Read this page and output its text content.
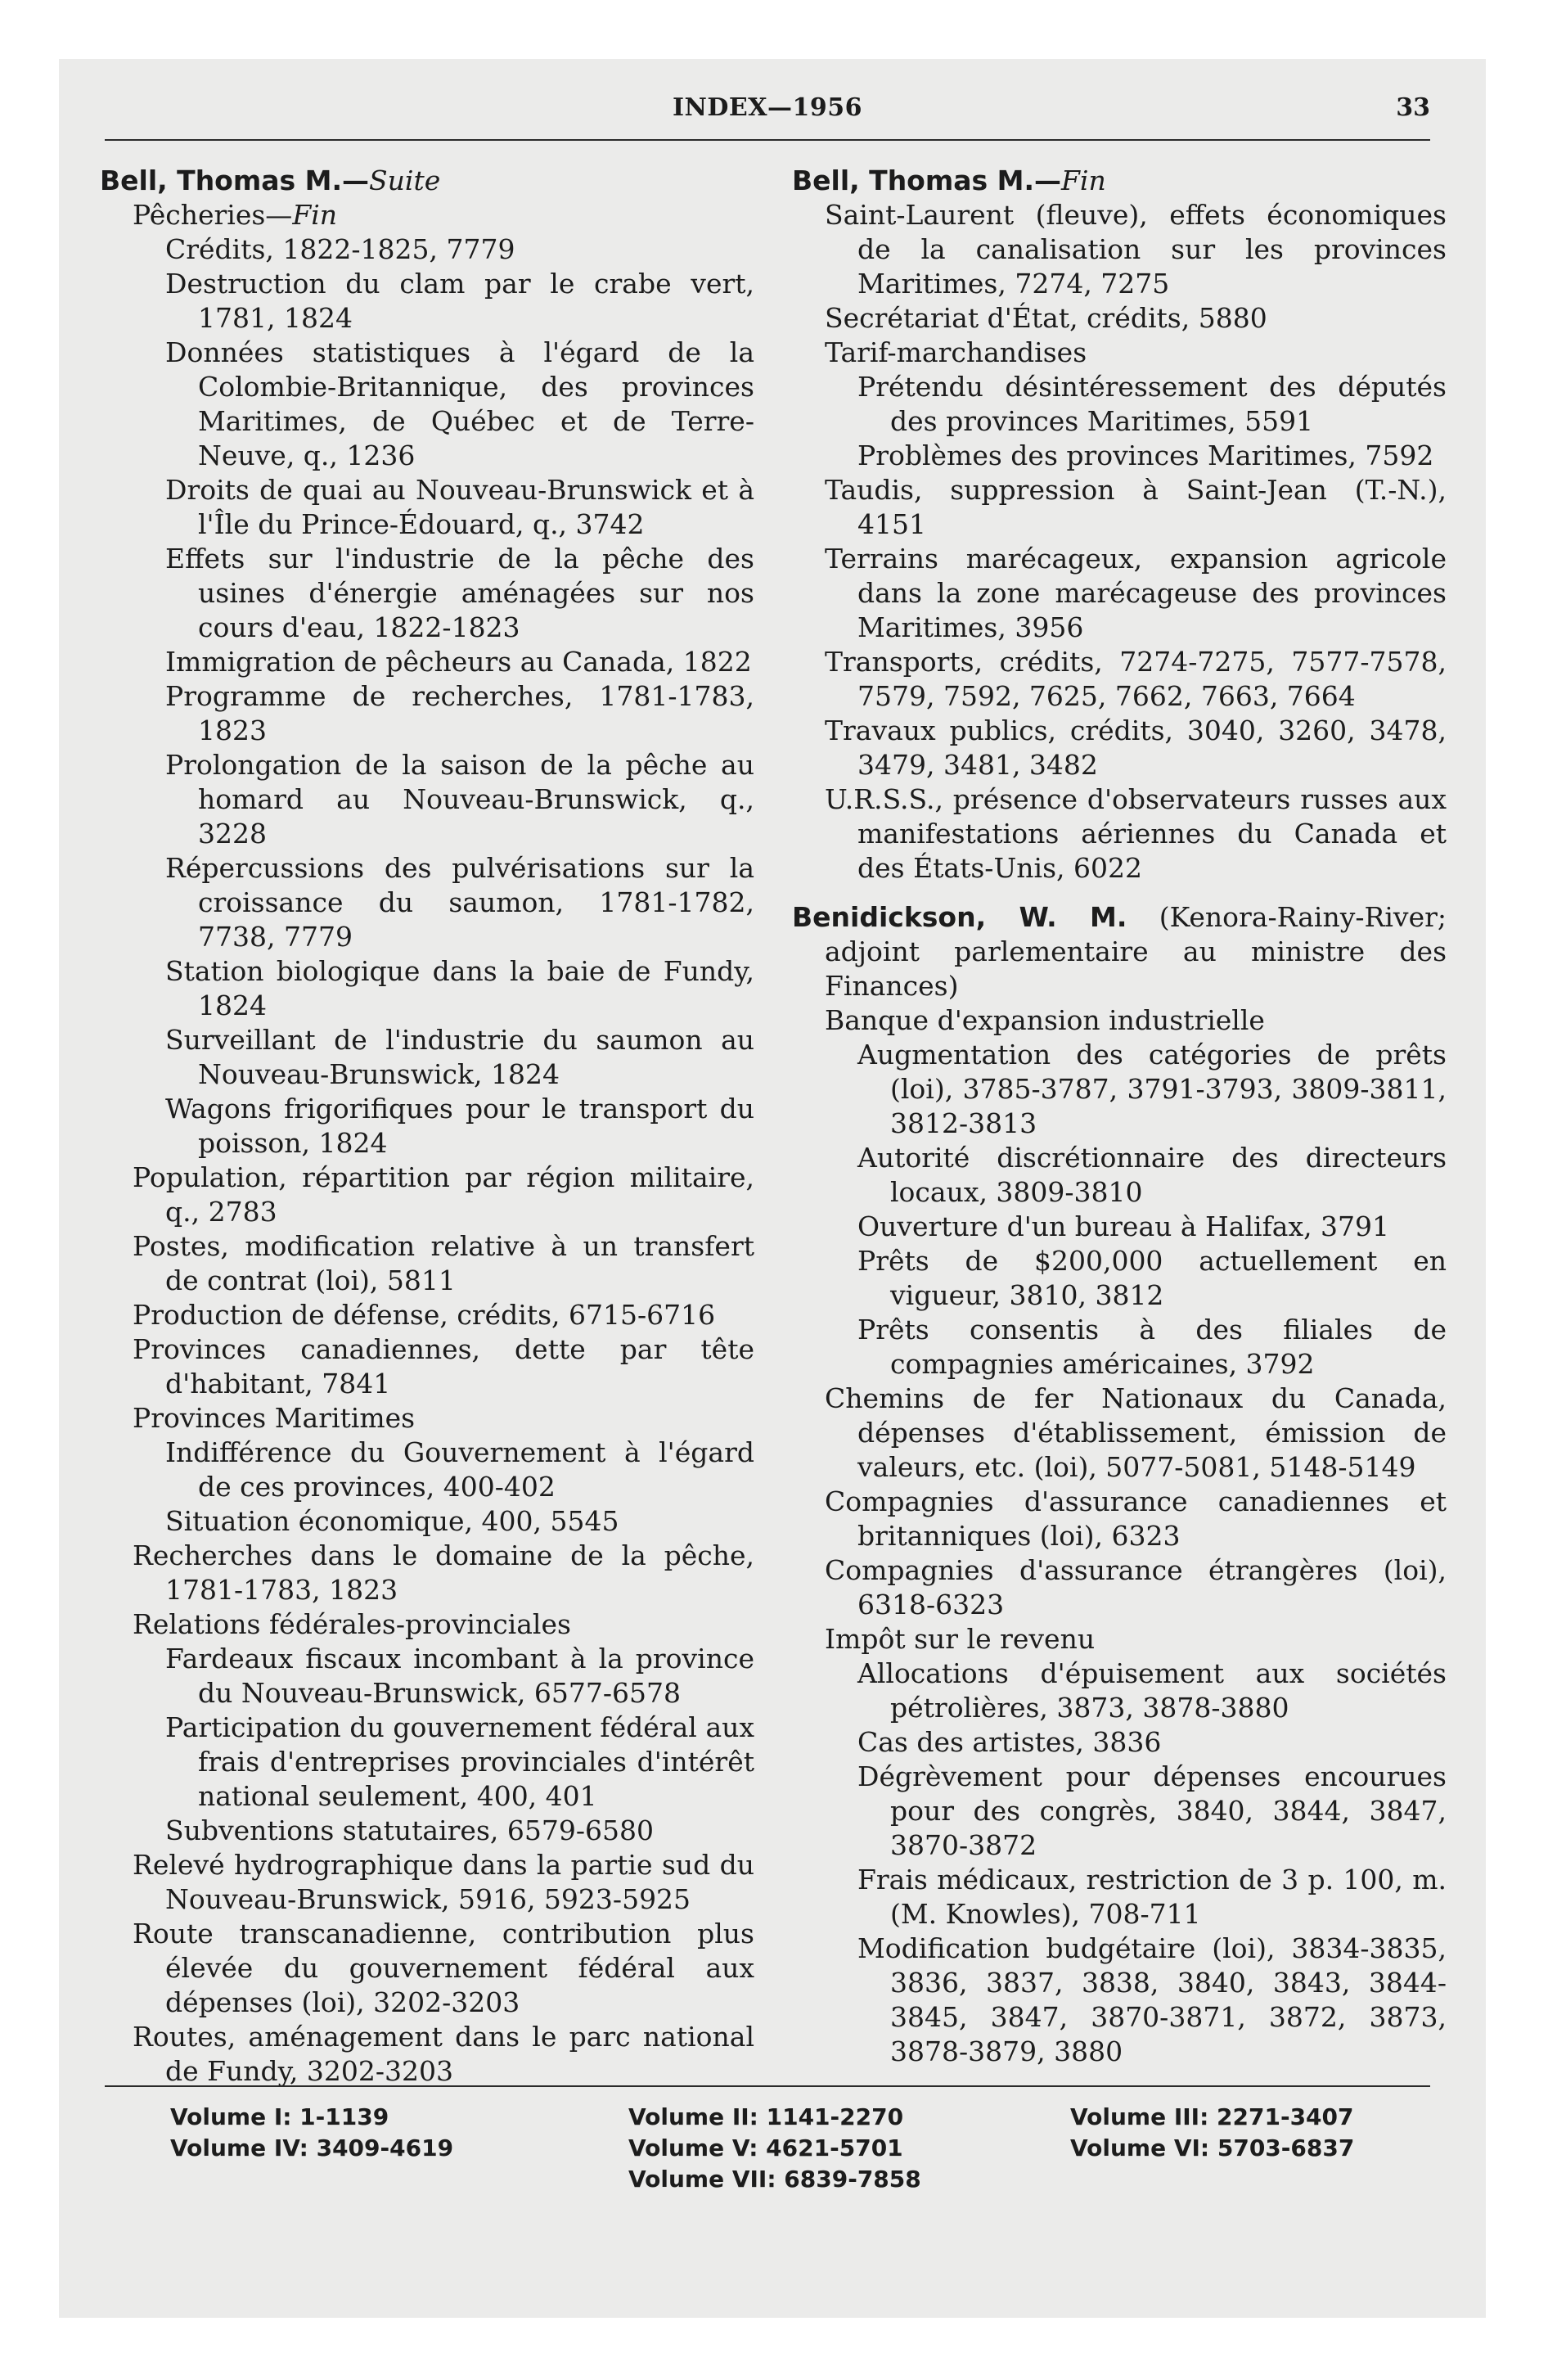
INDEX—1956	33

Bell, Thomas M.—Suite

Pêcheries—Fin

Crédits, 1822-1825, 7779

Destruction du clam par le crabe vert, 1781, 1824

Données statistiques à l'égard de la Colombie-Britannique, des provinces Maritimes, de Québec et de Terre-Neuve, q., 1236

Droits de quai au Nouveau-Brunswick et à l'Île du Prince-Édouard, q., 3742

Effets sur l'industrie de la pêche des usines d'énergie aménagées sur nos cours d'eau, 1822-1823

Immigration de pêcheurs au Canada, 1822

Programme de recherches, 1781-1783, 1823

Prolongation de la saison de la pêche au homard au Nouveau-Brunswick, q., 3228

Répercussions des pulvérisations sur la croissance du saumon, 1781-1782, 7738, 7779

Station biologique dans la baie de Fundy, 1824

Surveillant de l'industrie du saumon au Nouveau-Brunswick, 1824

Wagons frigorifiques pour le transport du poisson, 1824

Population, répartition par région militaire, q., 2783

Postes, modification relative à un transfert de contrat (loi), 5811

Production de défense, crédits, 6715-6716

Provinces canadiennes, dette par tête d'habitant, 7841

Provinces Maritimes

Indifférence du Gouvernement à l'égard de ces provinces, 400-402

Situation économique, 400, 5545

Recherches dans le domaine de la pêche, 1781-1783, 1823

Relations fédérales-provinciales

Fardeaux fiscaux incombant à la province du Nouveau-Brunswick, 6577-6578

Participation du gouvernement fédéral aux frais d'entreprises provinciales d'intérêt national seulement, 400, 401

Subventions statutaires, 6579-6580

Relevé hydrographique dans la partie sud du Nouveau-Brunswick, 5916, 5923-5925

Route transcanadienne, contribution plus élevée du gouvernement fédéral aux dépenses (loi), 3202-3203

Routes, aménagement dans le parc national de Fundy, 3202-3203

Bell, Thomas M.—Fin

Saint-Laurent (fleuve), effets économiques de la canalisation sur les provinces Maritimes, 7274, 7275

Secrétariat d'État, crédits, 5880

Tarif-marchandises

Prétendu désintéressement des députés des provinces Maritimes, 5591

Problèmes des provinces Maritimes, 7592

Taudis, suppression à Saint-Jean (T.-N.), 4151

Terrains marécageux, expansion agricole dans la zone marécageuse des provinces Maritimes, 3956

Transports, crédits, 7274-7275, 7577-7578, 7579, 7592, 7625, 7662, 7663, 7664

Travaux publics, crédits, 3040, 3260, 3478, 3479, 3481, 3482

U.R.S.S., présence d'observateurs russes aux manifestations aériennes du Canada et des États-Unis, 6022

Benidickson, W. M. (Kenora-Rainy-River; adjoint parlementaire au ministre des Finances)

Banque d'expansion industrielle

Augmentation des catégories de prêts (loi), 3785-3787, 3791-3793, 3809-3811, 3812-3813

Autorité discrétionnaire des directeurs locaux, 3809-3810

Ouverture d'un bureau à Halifax, 3791

Prêts de $200,000 actuellement en vigueur, 3810, 3812

Prêts consentis à des filiales de compagnies américaines, 3792

Chemins de fer Nationaux du Canada, dépenses d'établissement, émission de valeurs, etc. (loi), 5077-5081, 5148-5149

Compagnies d'assurance canadiennes et britanniques (loi), 6323

Compagnies d'assurance étrangères (loi), 6318-6323

Impôt sur le revenu

Allocations d'épuisement aux sociétés pétrolières, 3873, 3878-3880

Cas des artistes, 3836

Dégrèvement pour dépenses encourues pour des congrès, 3840, 3844, 3847, 3870-3872

Frais médicaux, restriction de 3 p. 100, m. (M. Knowles), 708-711

Modification budgétaire (loi), 3834-3835, 3836, 3837, 3838, 3840, 3843, 3844-3845, 3847, 3870-3871, 3872, 3873, 3878-3879, 3880

Volume I: 1-1139
Volume IV: 3409-4619
Volume II: 1141-2270
Volume V: 4621-5701
Volume VII: 6839-7858
Volume III: 2271-3407
Volume VI: 5703-6837
